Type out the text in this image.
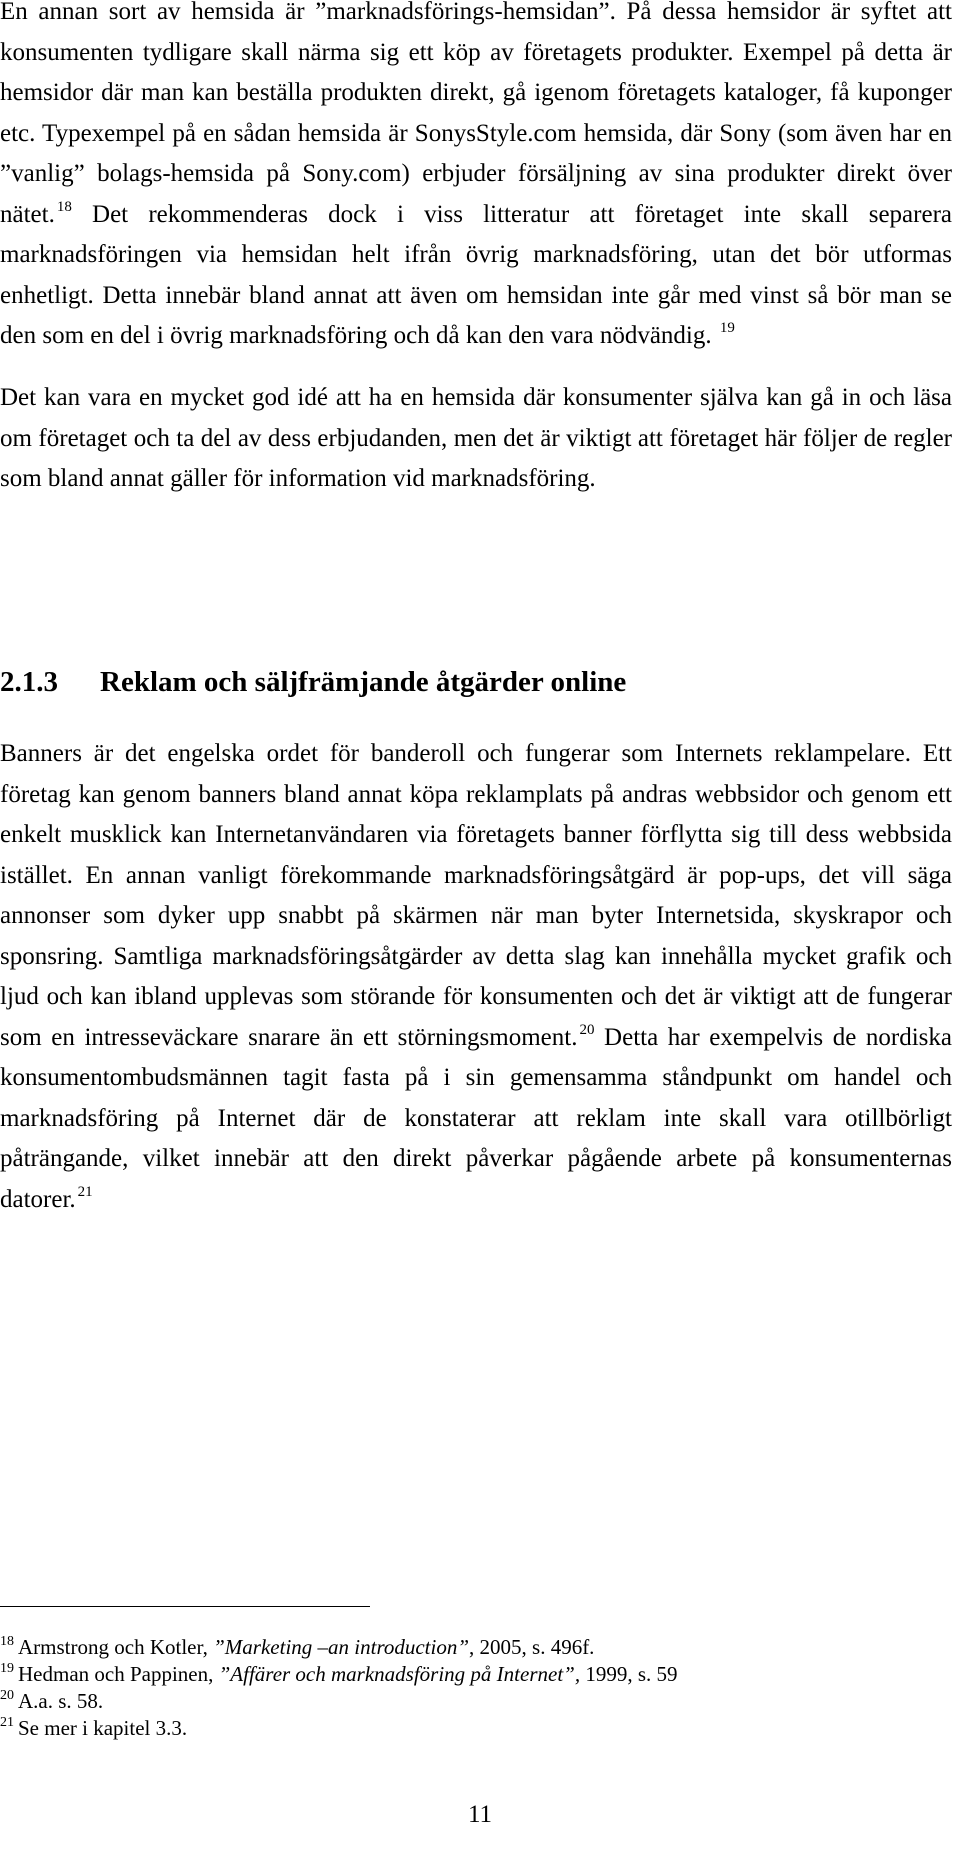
En annan sort av hemsida är ”marknadsförings-hemsidan”. På dessa hemsidor är syftet att konsumenten tydligare skall närma sig ett köp av företagets produkter. Exempel på detta är hemsidor där man kan beställa produkten direkt, gå igenom företagets kataloger, få kuponger etc. Typexempel på en sådan hemsida är SonysStyle.com hemsida, där Sony (som även har en ”vanlig” bolags-hemsida på Sony.com) erbjuder försäljning av sina produkter direkt över nätet. $^{18}$ Det rekommenderas dock i viss litteratur att företaget inte skall separera marknadsföringen via hemsidan helt ifrån övrig marknadsföring, utan det bör utformas enhetligt. Detta innebär bland annat att även om hemsidan inte går med vinst så bör man se den som en del i övrig marknadsföring och då kan den vara nödvändig. $^{19}$

Det kan vara en mycket god idé att ha en hemsida där konsumenter själva kan gå in och läsa om företaget och ta del av dess erbjudanden, men det är viktigt att företaget här följer de regler som bland annat gäller för information vid marknadsföring.

2.1.3 Reklam och säljfrämjande åtgärder online

Banners är det engelska ordet för banderoll och fungerar som Internets reklampelare. Ett företag kan genom banners bland annat köpa reklamplats på andras webbsidor och genom ett enkelt musklick kan Internetanvändaren via företagets banner förflytta sig till dess webbsida istället. En annan vanligt förekommande marknadsföringsåtgärd är pop-ups, det vill säga annonser som dyker upp snabbt på skärmen när man byter Internetsida, skyskrapor och sponsring. Samtliga marknadsföringsåtgärder av detta slag kan innehålla mycket grafik och ljud och kan ibland upplevas som störande för konsumenten och det är viktigt att de fungerar som en intresseväckare snarare än ett störningsmoment. $^{20}$ Detta har exempelvis de nordiska konsumentombudsmännen tagit fasta på i sin gemensamma ståndpunkt om handel och marknadsföring på Internet där de konstaterar att reklam inte skall vara otillbörligt påträngande, vilket innebär att den direkt påverkar pågående arbete på konsumenternas datorer. $^{21}$

$^{18}$ Armstrong och Kotler, ”Marketing –an introduction”, 2005, s. 496f.
$^{19}$ Hedman och Pappinen, ”Affärer och marknadsföring på Internet”, 1999, s. 59
$^{20}$ A.a. s. 58.
$^{21}$ Se mer i kapitel 3.3.

11
